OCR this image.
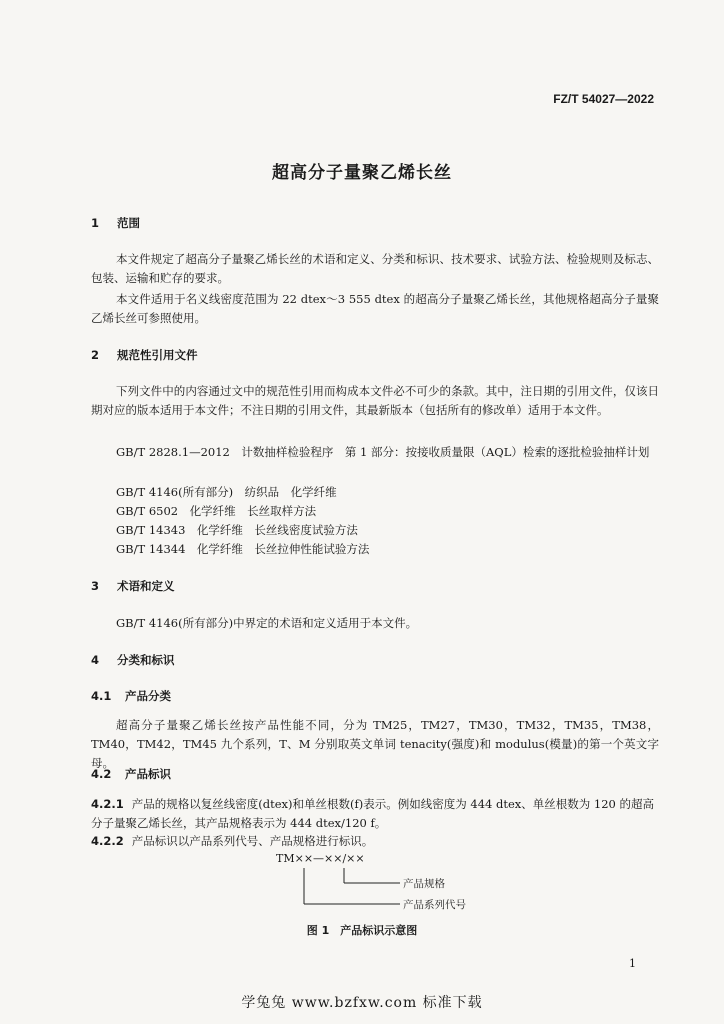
FZ/T 54027—2022
超高分子量聚乙烯长丝
1 范围
本文件规定了超高分子量聚乙烯长丝的术语和定义、分类和标识、技术要求、试验方法、检验规则及标志、包装、运输和贮存的要求。
本文件适用于名义线密度范围为 22 dtex～3 555 dtex 的超高分子量聚乙烯长丝，其他规格超高分子量聚乙烯长丝可参照使用。
2 规范性引用文件
下列文件中的内容通过文中的规范性引用而构成本文件必不可少的条款。其中，注日期的引用文件，仅该日期对应的版本适用于本文件；不注日期的引用文件，其最新版本（包括所有的修改单）适用于本文件。
GB/T 2828.1—2012　计数抽样检验程序　第 1 部分：按接收质量限（AQL）检索的逐批检验抽样计划
GB/T 4146(所有部分)　纺织品　化学纤维
GB/T 6502　化学纤维　长丝取样方法
GB/T 14343　化学纤维　长丝线密度试验方法
GB/T 14344　化学纤维　长丝拉伸性能试验方法
3 术语和定义
GB/T 4146(所有部分)中界定的术语和定义适用于本文件。
4 分类和标识
4.1 产品分类
超高分子量聚乙烯长丝按产品性能不同，分为 TM25，TM27，TM30，TM32，TM35，TM38，TM40，TM42，TM45 九个系列，T、M 分别取英文单词 tenacity(强度)和 modulus(模量)的第一个英文字母。
4.2 产品标识
4.2.1 产品的规格以复丝线密度(dtex)和单丝根数(f)表示。例如线密度为 444 dtex、单丝根数为 120 的超高分子量聚乙烯长丝，其产品规格表示为 444 dtex/120 f。
4.2.2 产品标识以产品系列代号、产品规格进行标识。
TM××—××/××
产品规格
产品系列代号
图 1　产品标识示意图
1
学兔兔 www.bzfxw.com 标准下载
